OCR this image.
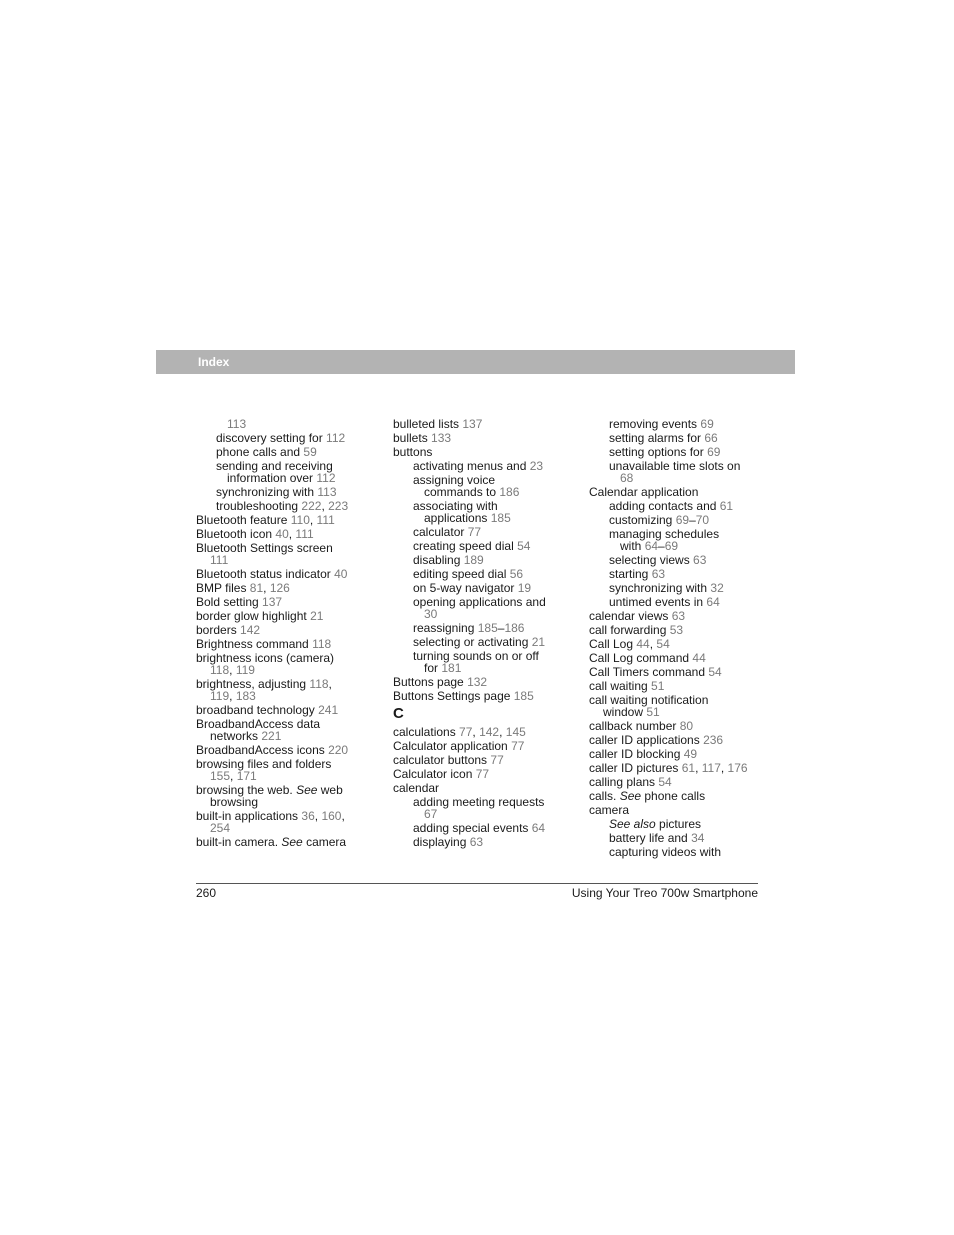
Index
113
discovery setting for 112
phone calls and 59
sending and receiving
information over 112
synchronizing with 113
troubleshooting 222, 223
Bluetooth feature 110, 111
Bluetooth icon 40, 111
Bluetooth Settings screen
111
Bluetooth status indicator 40
BMP files 81, 126
Bold setting 137
border glow highlight 21
borders 142
Brightness command 118
brightness icons (camera)
118, 119
brightness, adjusting 118,
119, 183
broadband technology 241
BroadbandAccess data
networks 221
BroadbandAccess icons 220
browsing files and folders
155, 171
browsing the web. See web
browsing
built-in applications 36, 160,
254
built-in camera. See camera
bulleted lists 137
bullets 133
buttons
activating menus and 23
assigning voice
commands to 186
associating with
applications 185
calculator 77
creating speed dial 54
disabling 189
editing speed dial 56
on 5-way navigator 19
opening applications and
30
reassigning 185–186
selecting or activating 21
turning sounds on or off
for 181
Buttons page 132
Buttons Settings page 185
C
calculations 77, 142, 145
Calculator application 77
calculator buttons 77
Calculator icon 77
calendar
adding meeting requests
67
adding special events 64
displaying 63
removing events 69
setting alarms for 66
setting options for 69
unavailable time slots on
68
Calendar application
adding contacts and 61
customizing 69–70
managing schedules
with 64–69
selecting views 63
starting 63
synchronizing with 32
untimed events in 64
calendar views 63
call forwarding 53
Call Log 44, 54
Call Log command 44
Call Timers command 54
call waiting 51
call waiting notification
window 51
callback number 80
caller ID applications 236
caller ID blocking 49
caller ID pictures 61, 117, 176
calling plans 54
calls. See phone calls
camera
See also pictures
battery life and 34
capturing videos with
260	Using Your Treo 700w Smartphone
